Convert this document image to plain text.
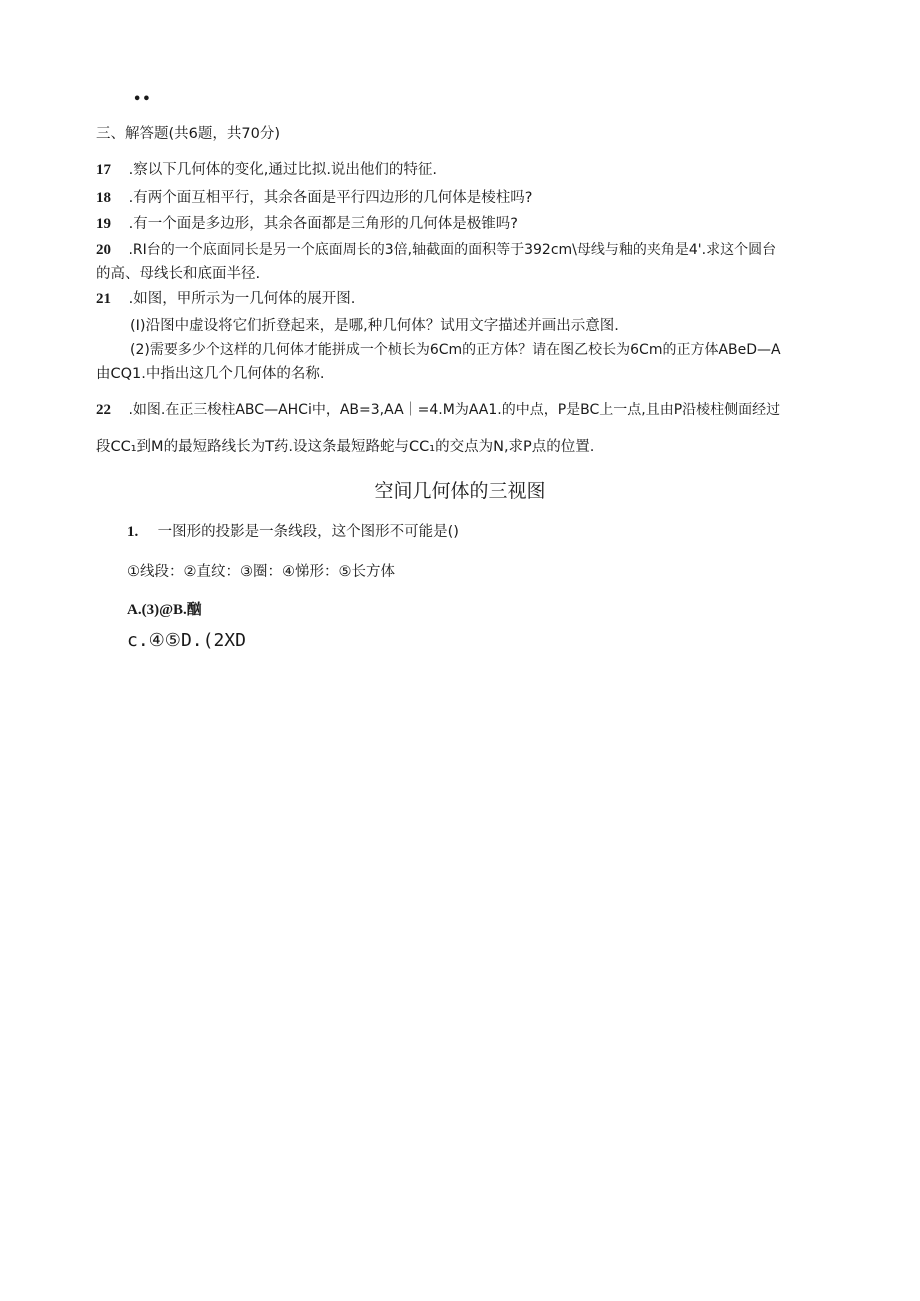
••
三、解答题(共6题，共70分)
17 .察以下几何体的变化,通过比拟.说出他们的特征.
18 .有两个面互相平行，其余各面是平行四边形的几何体是棱柱吗?
19 .有一个面是多边形，其余各面都是三角形的几何体是极锥吗?
20 .RI台的一个底面同长是另一个底面周长的3倍,轴截面的面积等于392cm\母线与釉的夹角是4'.求这个圆台
的高、母线长和底面半径.
21 .如图，甲所示为一几何体的展开图.
(I)沿图中虚设将它们折登起来，是哪,种几何体？试用文字描述并画出示意图.
(2)需要多少个这样的几何体才能拼成一个桢长为6Cm的正方体？请在图乙校长为6Cm的正方体ABeD—A
由CQ1.中指出这几个几何体的名称.
22 .如图.在正三梭柱ABC—AHCi中，AB=3,AA｜=4.M为AA1.的中点，P是BC上一点,且由P沿棱柱侧面经过
段CC₁到M的最短路线长为T药.设这条最短路蛇与CC₁的交点为N,求P点的位置.
空间几何体的三视图
1. 一图形的投影是一条线段，这个图形不可能是()
①线段：②直纹：③圈：④悌形：⑤长方体
A.(3)@B.酗
c.④⑤D.(2XD
